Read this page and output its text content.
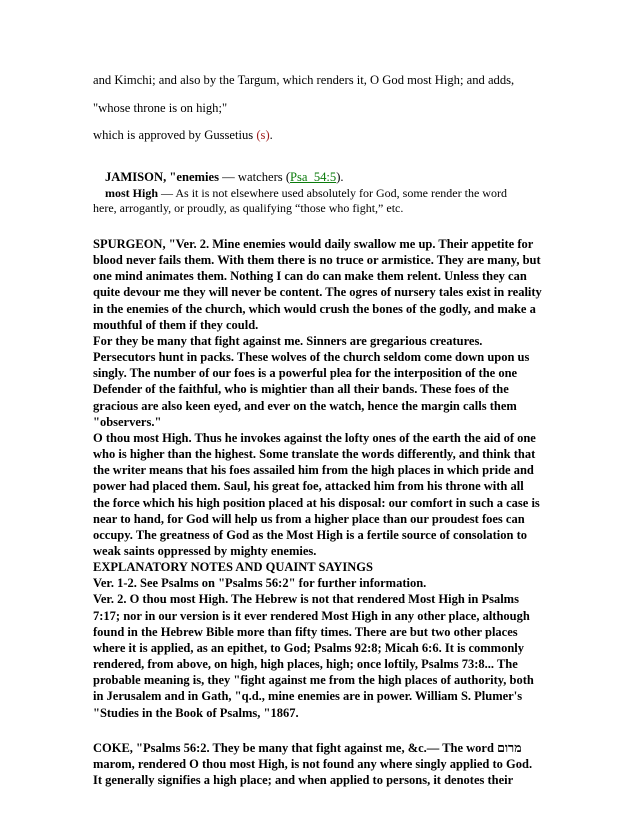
and Kimchi; and also by the Targum, which renders it, O God most High; and adds,

"whose throne is on high;"

which is approved by Gussetius (s).

JAMISON, "enemies — watchers (Psa_54:5).

most High — As it is not elsewhere used absolutely for God, some render the word

here, arrogantly, or proudly, as qualifying “those who fight,” etc.

SPURGEON, "Ver. 2. Mine enemies would daily swallow me up. Their appetite for
blood never fails them. With them there is no truce or armistice. They are many, but
one mind animates them. Nothing I can do can make them relent. Unless they can
quite devour me they will never be content. The ogres of nursery tales exist in reality
in the enemies of the church, which would crush the bones of the godly, and make a
mouthful of them if they could.
For they be many that fight against me. Sinners are gregarious creatures.
Persecutors hunt in packs. These wolves of the church seldom come down upon us
singly. The number of our foes is a powerful plea for the interposition of the one
Defender of the faithful, who is mightier than all their bands. These foes of the
gracious are also keen eyed, and ever on the watch, hence the margin calls them
"observers."
O thou most High. Thus he invokes against the lofty ones of the earth the aid of one
who is higher than the highest. Some translate the words differently, and think that
the writer means that his foes assailed him from the high places in which pride and
power had placed them. Saul, his great foe, attacked him from his throne with all
the force which his high position placed at his disposal: our comfort in such a case is
near to hand, for God will help us from a higher place than our proudest foes can
occupy. The greatness of God as the Most High is a fertile source of consolation to
weak saints oppressed by mighty enemies.
EXPLANATORY NOTES AND QUAINT SAYINGS
Ver. 1-2. See Psalms on "Psalms 56:2" for further information.
Ver. 2. O thou most High. The Hebrew is not that rendered Most High in Psalms
7:17; nor in our version is it ever rendered Most High in any other place, although
found in the Hebrew Bible more than fifty times. There are but two other places
where it is applied, as an epithet, to God; Psalms 92:8; Micah 6:6. It is commonly
rendered, from above, on high, high places, high; once loftily, Psalms 73:8... The
probable meaning is, they "fight against me from the high places of authority, both
in Jerusalem and in Gath, "q.d., mine enemies are in power. William S. Plumer's
"Studies in the Book of Psalms, "1867.

COKE, "Psalms 56:2. They be many that fight against me, &c.— The word מרום

marom, rendered O thou most High, is not found any where singly applied to God.

It generally signifies a high place; and when applied to persons, it denotes their
